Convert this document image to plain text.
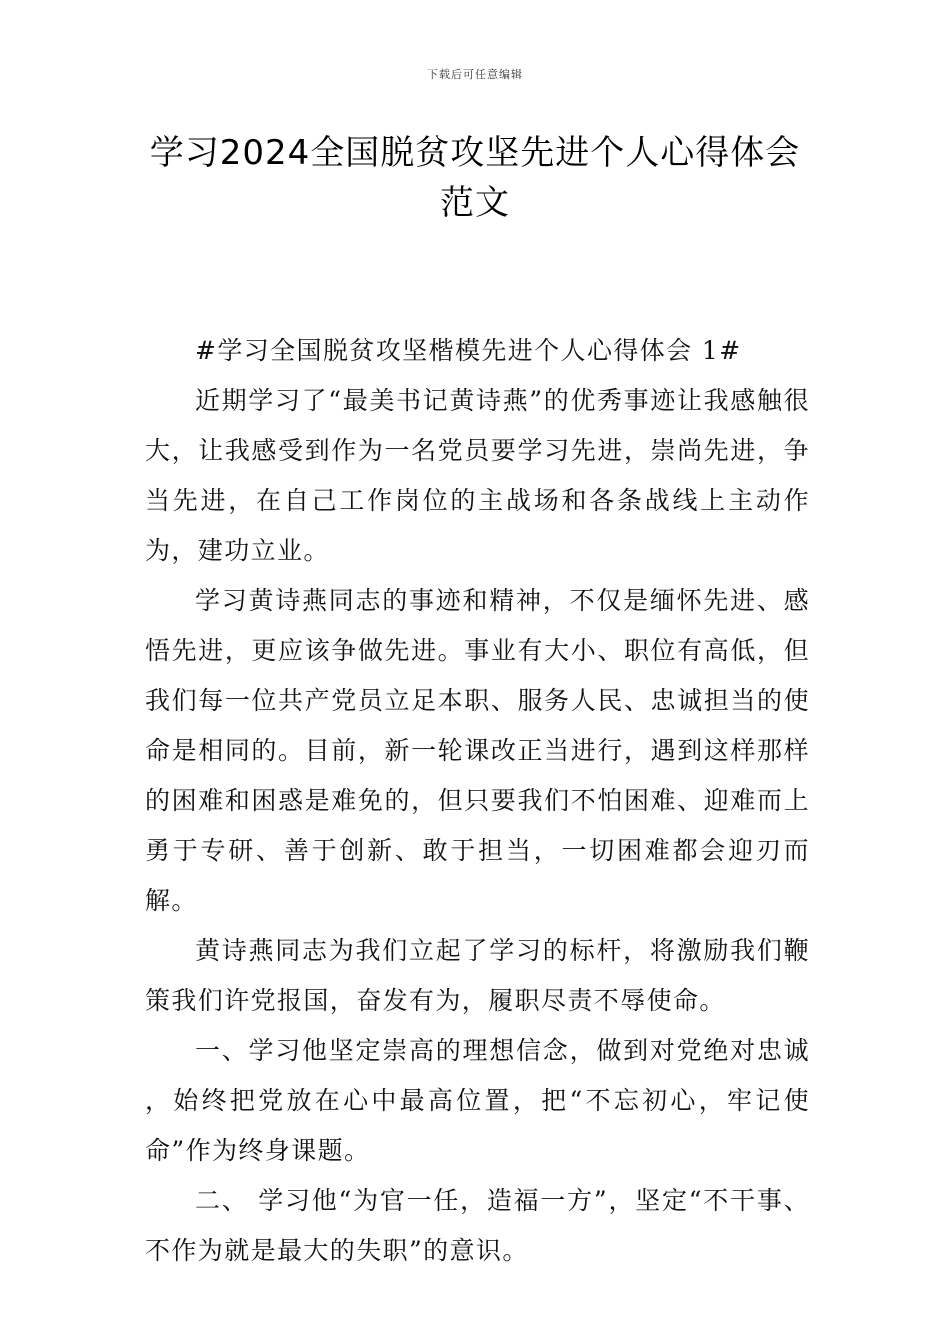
下载后可任意编辑
学习2024全国脱贫攻坚先进个人心得体会
范文

#学习全国脱贫攻坚楷模先进个人心得体会 1#

近期学习了“最美书记黄诗燕”的优秀事迹让我感触很大，让我感受到作为一名党员要学习先进，崇尚先进，争当先进，在自己工作岗位的主战场和各条战线上主动作为，建功立业。

学习黄诗燕同志的事迹和精神，不仅是缅怀先进、感悟先进，更应该争做先进。事业有大小、职位有高低，但我们每一位共产党员立足本职、服务人民、忠诚担当的使命是相同的。目前，新一轮课改正当进行，遇到这样那样的困难和困惑是难免的，但只要我们不怕困难、迎难而上勇于专研、善于创新、敢于担当，一切困难都会迎刃而解。

黄诗燕同志为我们立起了学习的标杆，将激励我们鞭策我们许党报国，奋发有为，履职尽责不辱使命。

一、学习他坚定崇高的理想信念，做到对党绝对忠诚 ，始终把党放在心中最高位置，把“不忘初心，牢记使命”作为终身课题。

二、 学习他“为官一任，造福一方”，坚定“不干事、不作为就是最大的失职”的意识。
